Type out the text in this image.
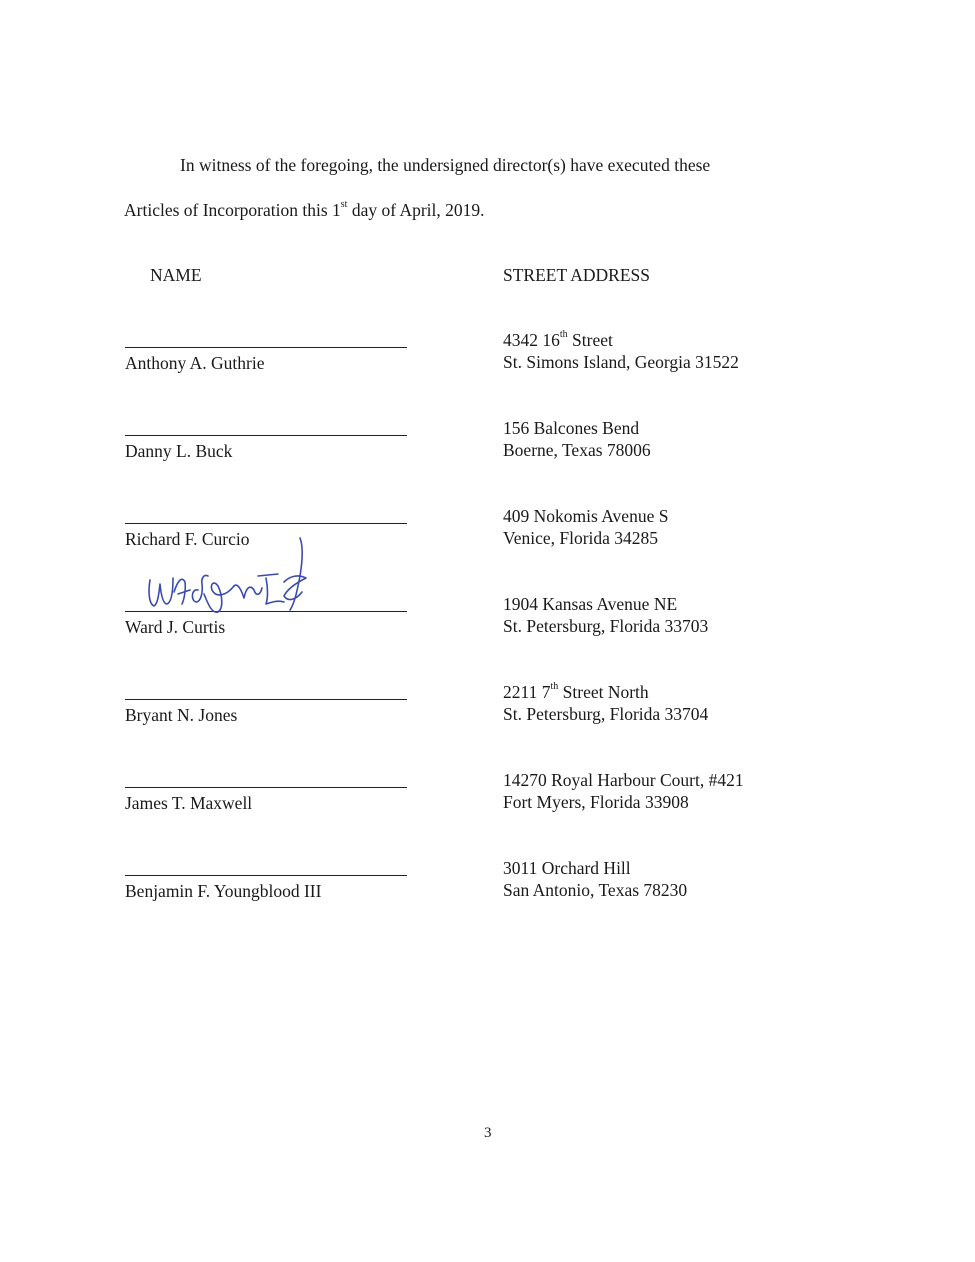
In witness of the foregoing, the undersigned director(s) have executed these
Articles of Incorporation this 1st day of April, 2019.
NAME	STREET ADDRESS
Anthony A. Guthrie
4342 16th Street
St. Simons Island, Georgia 31522
Danny L. Buck
156 Balcones Bend
Boerne, Texas 78006
Richard F. Curcio
409 Nokomis Avenue S
Venice, Florida 34285
Ward J. Curtis
1904 Kansas Avenue NE
St. Petersburg, Florida 33703
Bryant N. Jones
2211 7th Street North
St. Petersburg, Florida 33704
James T. Maxwell
14270 Royal Harbour Court, #421
Fort Myers, Florida 33908
Benjamin F. Youngblood III
3011 Orchard Hill
San Antonio, Texas 78230
3
